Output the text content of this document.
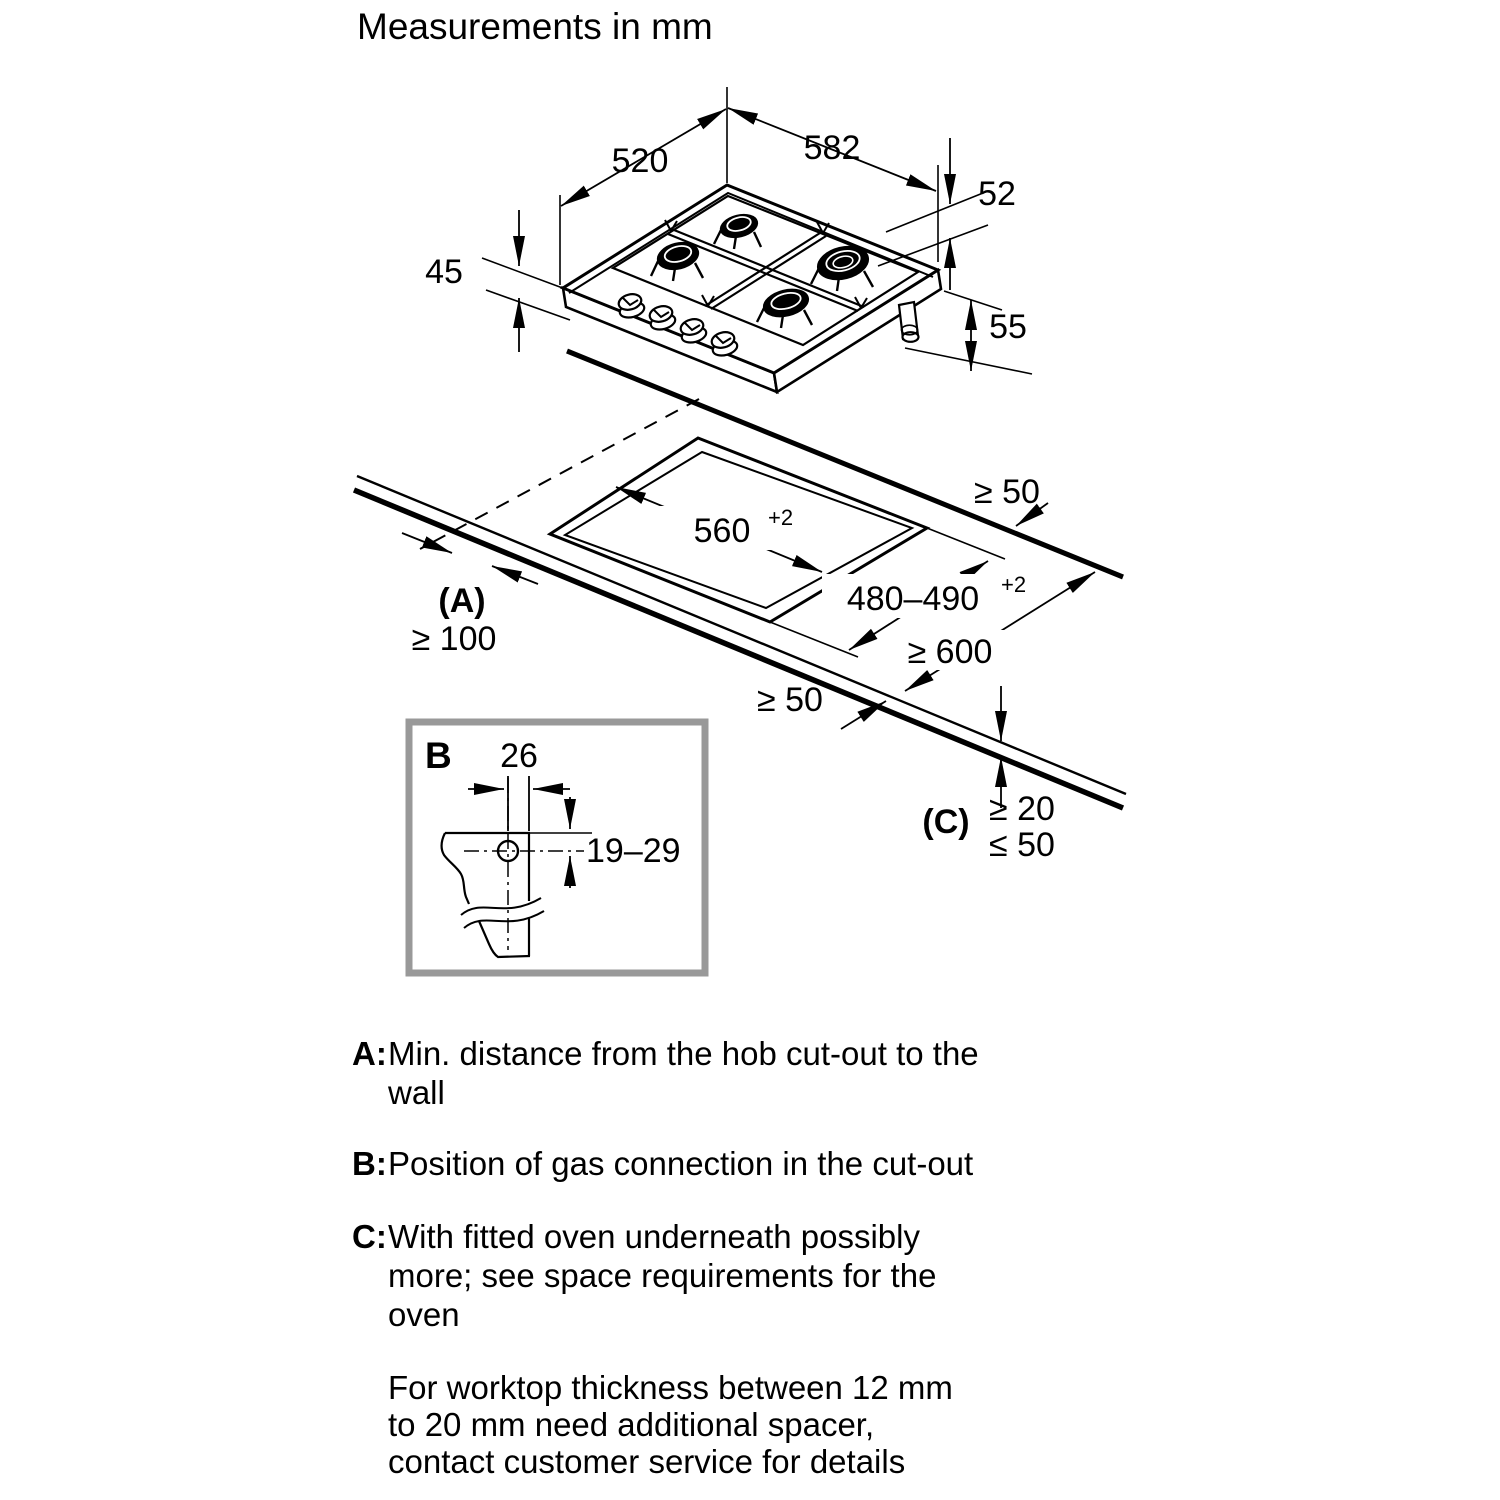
Measurements in mm
520	582
52
45
55
560 +2
480–490 +2
≥ 50
(A)
≥ 100	≥ 600
≥ 50
(C) ≥ 20
≤ 50
B 26
19–29
A: Min. distance from the hob cut-out to the
wall
B: Position of gas connection in the cut-out
C: With fitted oven underneath possibly
more; see space requirements for the
oven
For worktop thickness between 12 mm
to 20 mm need additional spacer,
contact customer service for details
